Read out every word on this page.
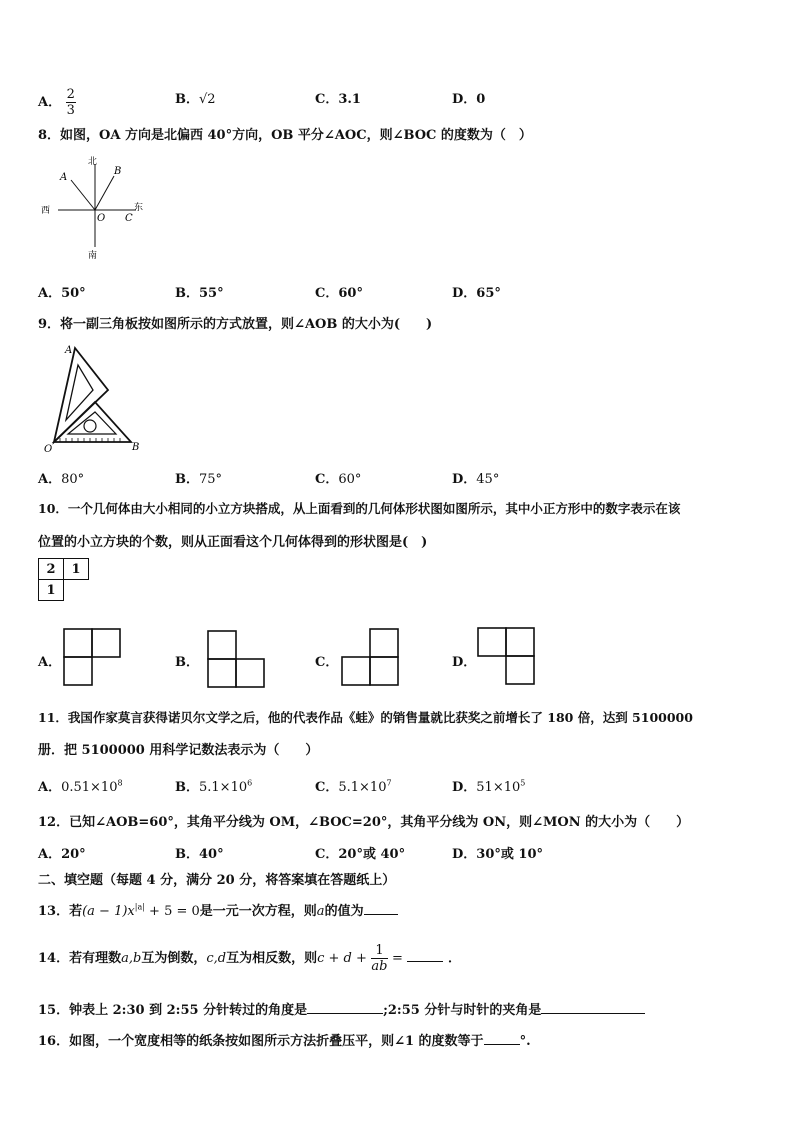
A． $\frac{2}{3}$	B．√2	C．3.1	D．0
8．如图，OA 方向是北偏西 40°方向，OB 平分∠AOC，则∠BOC 的度数为（　）
北
南
西	东
A
B
O C
A．50°	B．55°	C．60°	D．65°
9．将一副三角板按如图所示的方式放置，则∠AOB 的大小为(　　)
A
O	B
A．80°	B．75°	C．60°	D．45°
10．一个几何体由大小相同的小立方块搭成，从上面看到的几何体形状图如图所示，其中小正方形中的数字表示在该
位置的小立方块的个数，则从正面看这个几何体得到的形状图是(　)
2	1
1
A．	B．	C．	D．
11．我国作家莫言获得诺贝尔文学之后，他的代表作品《蛙》的销售量就比获奖之前增长了 180 倍，达到 5100000
册．把 5100000 用科学记数法表示为（　　）
A．$0.51\times 10^8$	B．$5.1\times 10^6$	C．$5.1\times 10^7$	D．$51\times 10^5$
12．已知∠AOB=60°，其角平分线为 OM，∠BOC=20°，其角平分线为 ON，则∠MON 的大小为（　　）
A．20°	B．40°	C．20°或 40°	D．30°或 10°
二、填空题（每题 4 分，满分 20 分，将答案填在答题纸上）
13．若$(a - 1)x^{|a|} + 5 = 0$是一元一次方程，则a的值为
14．若有理数a,b互为倒数，c,d互为相反数，则$c + d + \frac{1}{ab}$ =	．
15．钟表上 2:30 到 2:55 分针转过的角度是	;2:55 分针与时针的夹角是
16．如图，一个宽度相等的纸条按如图所示方法折叠压平，则∠1 的度数等于	°.
